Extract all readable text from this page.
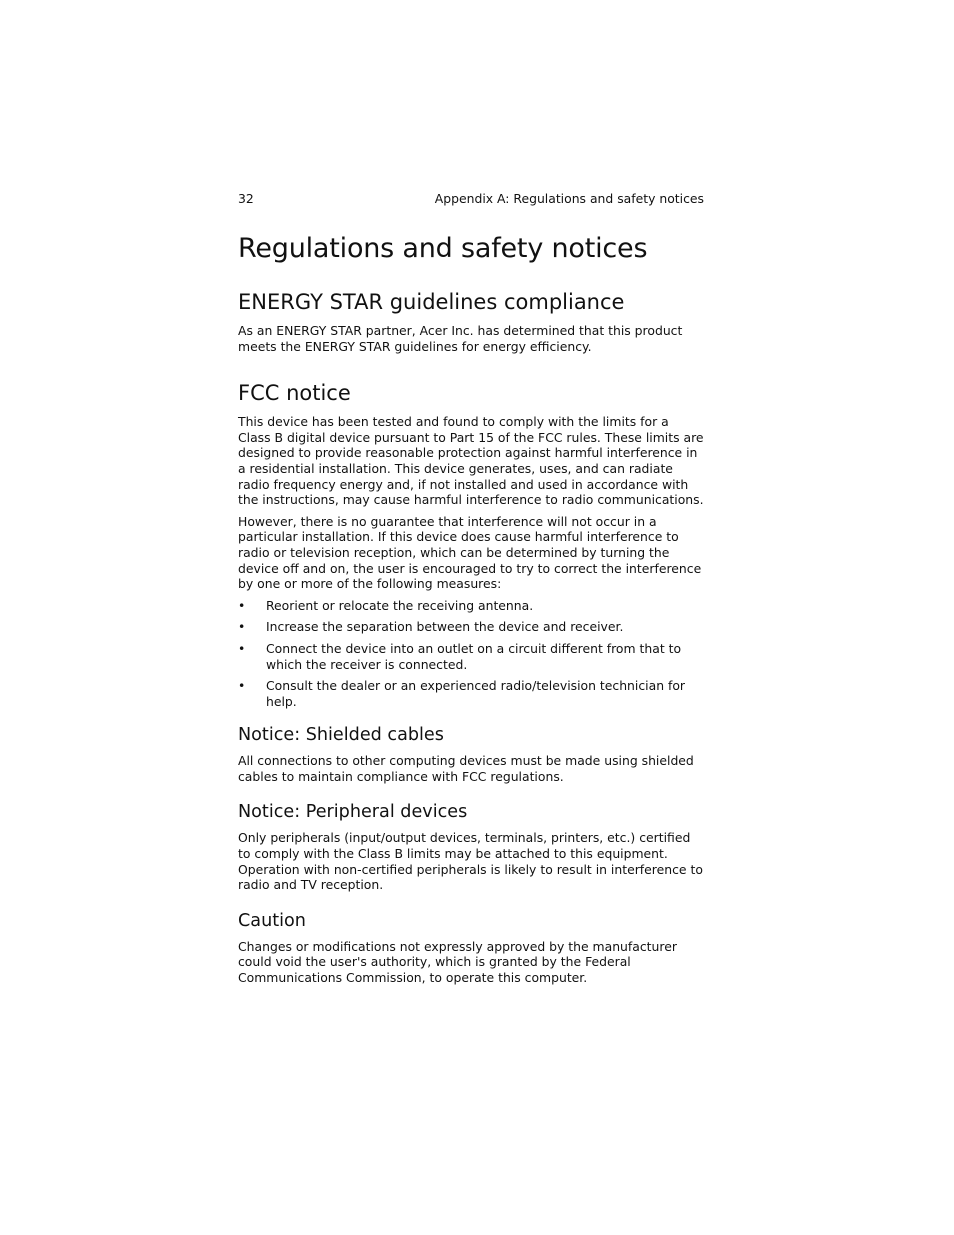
32	Appendix A: Regulations and safety notices
Regulations and safety notices
ENERGY STAR guidelines compliance

As an ENERGY STAR partner, Acer Inc. has determined that this product meets the ENERGY STAR guidelines for energy efficiency.

FCC notice

This device has been tested and found to comply with the limits for a Class B digital device pursuant to Part 15 of the FCC rules. These limits are designed to provide reasonable protection against harmful interference in a residential installation. This device generates, uses, and can radiate radio frequency energy and, if not installed and used in accordance with the instructions, may cause harmful interference to radio communications.

However, there is no guarantee that interference will not occur in a particular installation. If this device does cause harmful interference to radio or television reception, which can be determined by turning the device off and on, the user is encouraged to try to correct the interference by one or more of the following measures:

• Reorient or relocate the receiving antenna.
• Increase the separation between the device and receiver.
• Connect the device into an outlet on a circuit different from that to which the receiver is connected.
• Consult the dealer or an experienced radio/television technician for help.
Notice: Shielded cables

All connections to other computing devices must be made using shielded cables to maintain compliance with FCC regulations.

Notice: Peripheral devices

Only peripherals (input/output devices, terminals, printers, etc.) certified to comply with the Class B limits may be attached to this equipment. Operation with non-certified peripherals is likely to result in interference to radio and TV reception.

Caution

Changes or modifications not expressly approved by the manufacturer could void the user's authority, which is granted by the Federal Communications Commission, to operate this computer.
